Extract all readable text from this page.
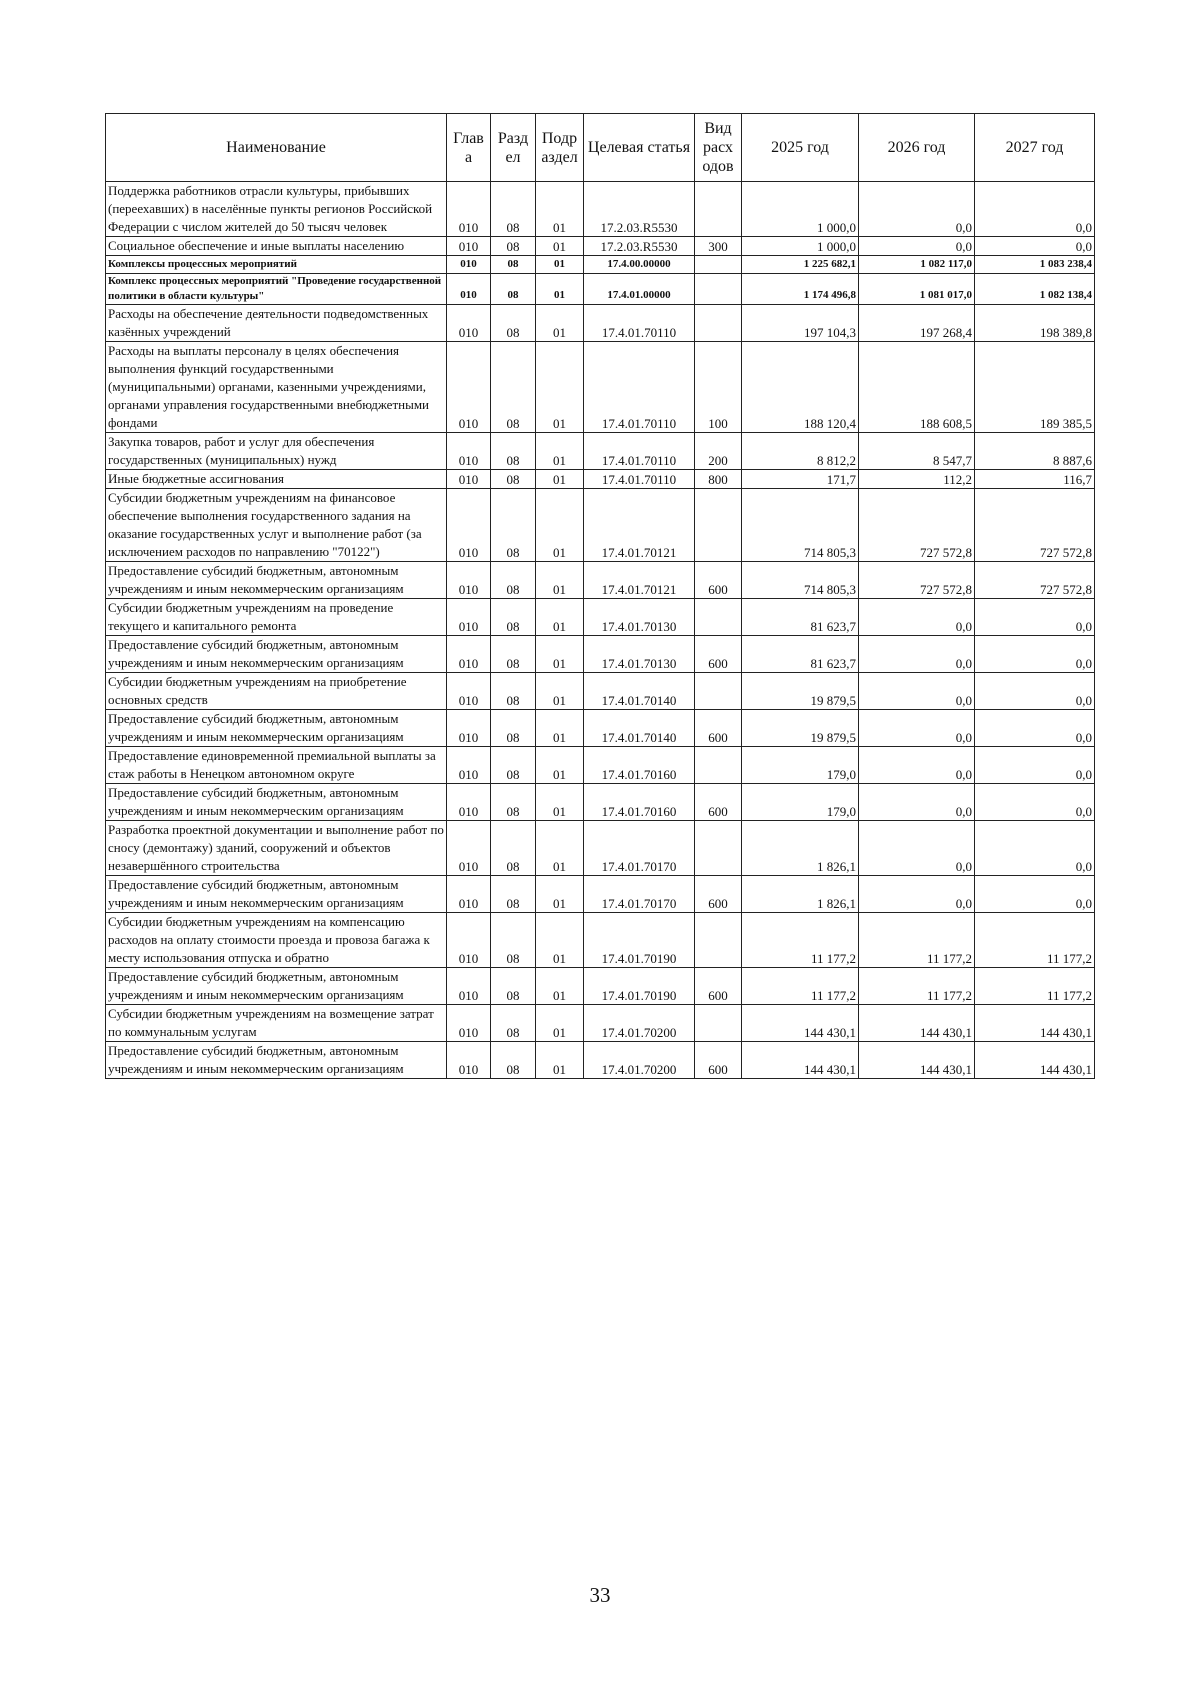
Наименование	Глав а	Разд ел	Подр аздел	Целевая статья	Вид расх одов	2025 год	2026 год	2027 год
Поддержка работников отрасли культуры, прибывших (переехавших) в населённые пункты регионов Российской Федерации с числом жителей до 50 тысяч человек	010	08	01	17.2.03.R5530		1 000,0	0,0	0,0
Социальное обеспечение и иные выплаты населению	010	08	01	17.2.03.R5530	300	1 000,0	0,0	0,0
Комплексы процессных мероприятий	010	08	01	17.4.00.00000		1 225 682,1	1 082 117,0	1 083 238,4
Комплекс процессных мероприятий "Проведение государственной политики в области культуры"	010	08	01	17.4.01.00000		1 174 496,8	1 081 017,0	1 082 138,4
Расходы на обеспечение деятельности подведомственных казённых учреждений	010	08	01	17.4.01.70110		197 104,3	197 268,4	198 389,8
Расходы на выплаты персоналу в целях обеспечения выполнения функций государственными (муниципальными) органами, казенными учреждениями, органами управления государственными внебюджетными фондами	010	08	01	17.4.01.70110	100	188 120,4	188 608,5	189 385,5
Закупка товаров, работ и услуг для обеспечения государственных (муниципальных) нужд	010	08	01	17.4.01.70110	200	8 812,2	8 547,7	8 887,6
Иные бюджетные ассигнования	010	08	01	17.4.01.70110	800	171,7	112,2	116,7
Субсидии бюджетным учреждениям на финансовое обеспечение выполнения государственного задания на оказание государственных услуг и выполнение работ (за исключением расходов по направлению "70122")	010	08	01	17.4.01.70121		714 805,3	727 572,8	727 572,8
Предоставление субсидий бюджетным, автономным учреждениям и иным некоммерческим организациям	010	08	01	17.4.01.70121	600	714 805,3	727 572,8	727 572,8
Субсидии бюджетным учреждениям на проведение текущего и капитального ремонта	010	08	01	17.4.01.70130		81 623,7	0,0	0,0
Предоставление субсидий бюджетным, автономным учреждениям и иным некоммерческим организациям	010	08	01	17.4.01.70130	600	81 623,7	0,0	0,0
Субсидии бюджетным учреждениям на приобретение основных средств	010	08	01	17.4.01.70140		19 879,5	0,0	0,0
Предоставление субсидий бюджетным, автономным учреждениям и иным некоммерческим организациям	010	08	01	17.4.01.70140	600	19 879,5	0,0	0,0
Предоставление единовременной премиальной выплаты за стаж работы в Ненецком автономном округе	010	08	01	17.4.01.70160		179,0	0,0	0,0
Предоставление субсидий бюджетным, автономным учреждениям и иным некоммерческим организациям	010	08	01	17.4.01.70160	600	179,0	0,0	0,0
Разработка проектной документации и выполнение работ по сносу (демонтажу) зданий, сооружений и объектов незавершённого строительства	010	08	01	17.4.01.70170		1 826,1	0,0	0,0
Предоставление субсидий бюджетным, автономным учреждениям и иным некоммерческим организациям	010	08	01	17.4.01.70170	600	1 826,1	0,0	0,0
Субсидии бюджетным учреждениям на компенсацию расходов на оплату стоимости проезда и провоза багажа к месту использования отпуска и обратно	010	08	01	17.4.01.70190		11 177,2	11 177,2	11 177,2
Предоставление субсидий бюджетным, автономным учреждениям и иным некоммерческим организациям	010	08	01	17.4.01.70190	600	11 177,2	11 177,2	11 177,2
Субсидии бюджетным учреждениям на возмещение затрат по коммунальным услугам	010	08	01	17.4.01.70200		144 430,1	144 430,1	144 430,1
Предоставление субсидий бюджетным, автономным учреждениям и иным некоммерческим организациям	010	08	01	17.4.01.70200	600	144 430,1	144 430,1	144 430,1
33
